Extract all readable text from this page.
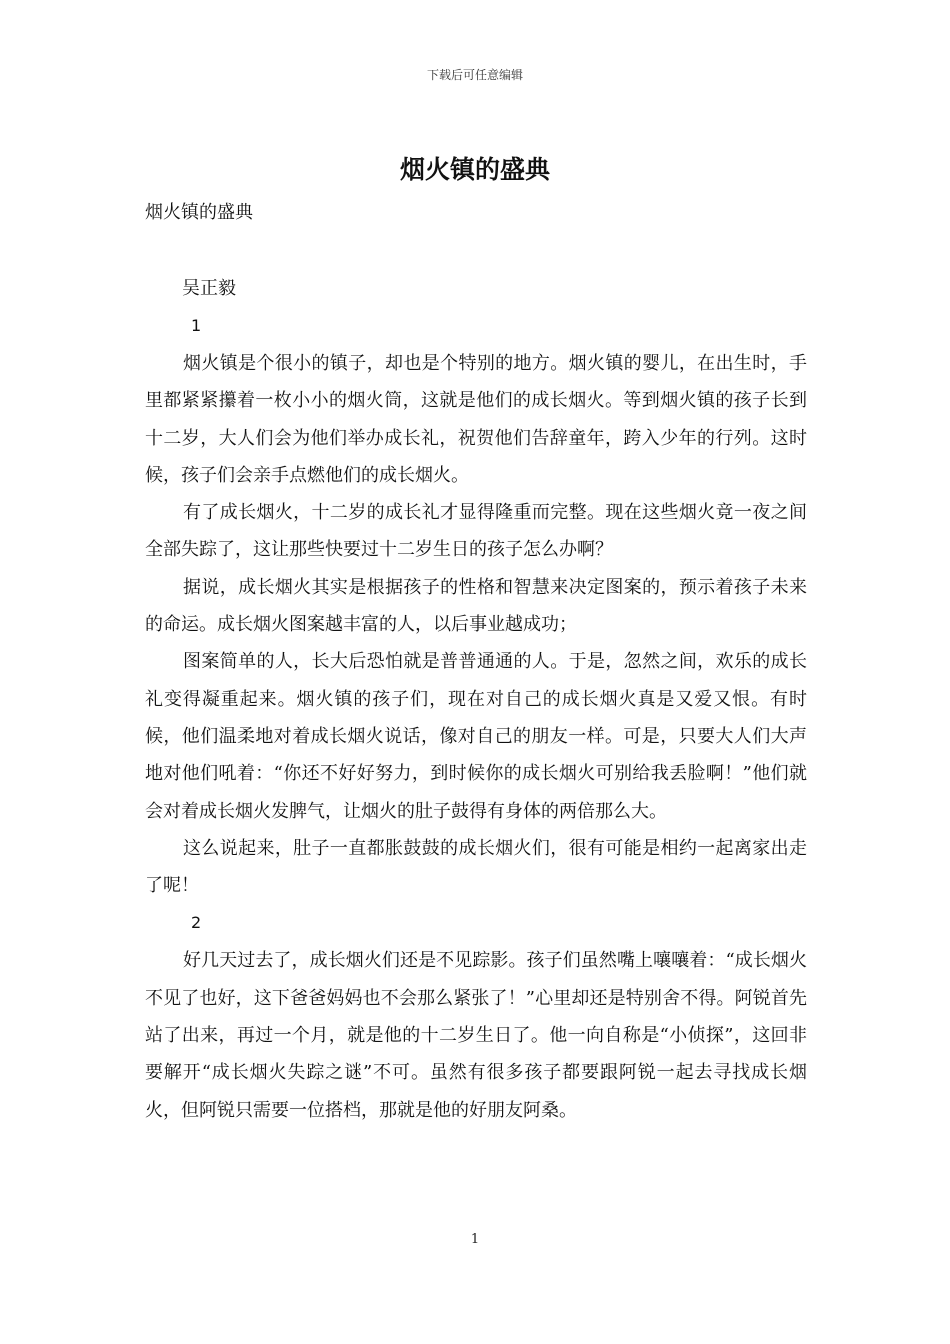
下载后可任意编辑
烟火镇的盛典

烟火镇的盛典

吴正毅

1

烟火镇是个很小的镇子，却也是个特别的地方。烟火镇的婴儿，在出生时，手里都紧紧攥着一枚小小的烟火筒，这就是他们的成长烟火。等到烟火镇的孩子长到十二岁，大人们会为他们举办成长礼，祝贺他们告辞童年，跨入少年的行列。这时候，孩子们会亲手点燃他们的成长烟火。

有了成长烟火，十二岁的成长礼才显得隆重而完整。现在这些烟火竟一夜之间全部失踪了，这让那些快要过十二岁生日的孩子怎么办啊？

据说，成长烟火其实是根据孩子的性格和智慧来决定图案的，预示着孩子未来的命运。成长烟火图案越丰富的人，以后事业越成功；

图案简单的人，长大后恐怕就是普普通通的人。于是，忽然之间，欢乐的成长礼变得凝重起来。烟火镇的孩子们，现在对自己的成长烟火真是又爱又恨。有时候，他们温柔地对着成长烟火说话，像对自己的朋友一样。可是，只要大人们大声地对他们吼着：“你还不好好努力，到时候你的成长烟火可别给我丢脸啊！”他们就会对着成长烟火发脾气，让烟火的肚子鼓得有身体的两倍那么大。

这么说起来，肚子一直都胀鼓鼓的成长烟火们，很有可能是相约一起离家出走了呢！

2

好几天过去了，成长烟火们还是不见踪影。孩子们虽然嘴上嚷嚷着：“成长烟火不见了也好，这下爸爸妈妈也不会那么紧张了！”心里却还是特别舍不得。阿锐首先站了出来，再过一个月，就是他的十二岁生日了。他一向自称是“小侦探”，这回非要解开“成长烟火失踪之谜”不可。虽然有很多孩子都要跟阿锐一起去寻找成长烟火，但阿锐只需要一位搭档，那就是他的好朋友阿桑。

1
